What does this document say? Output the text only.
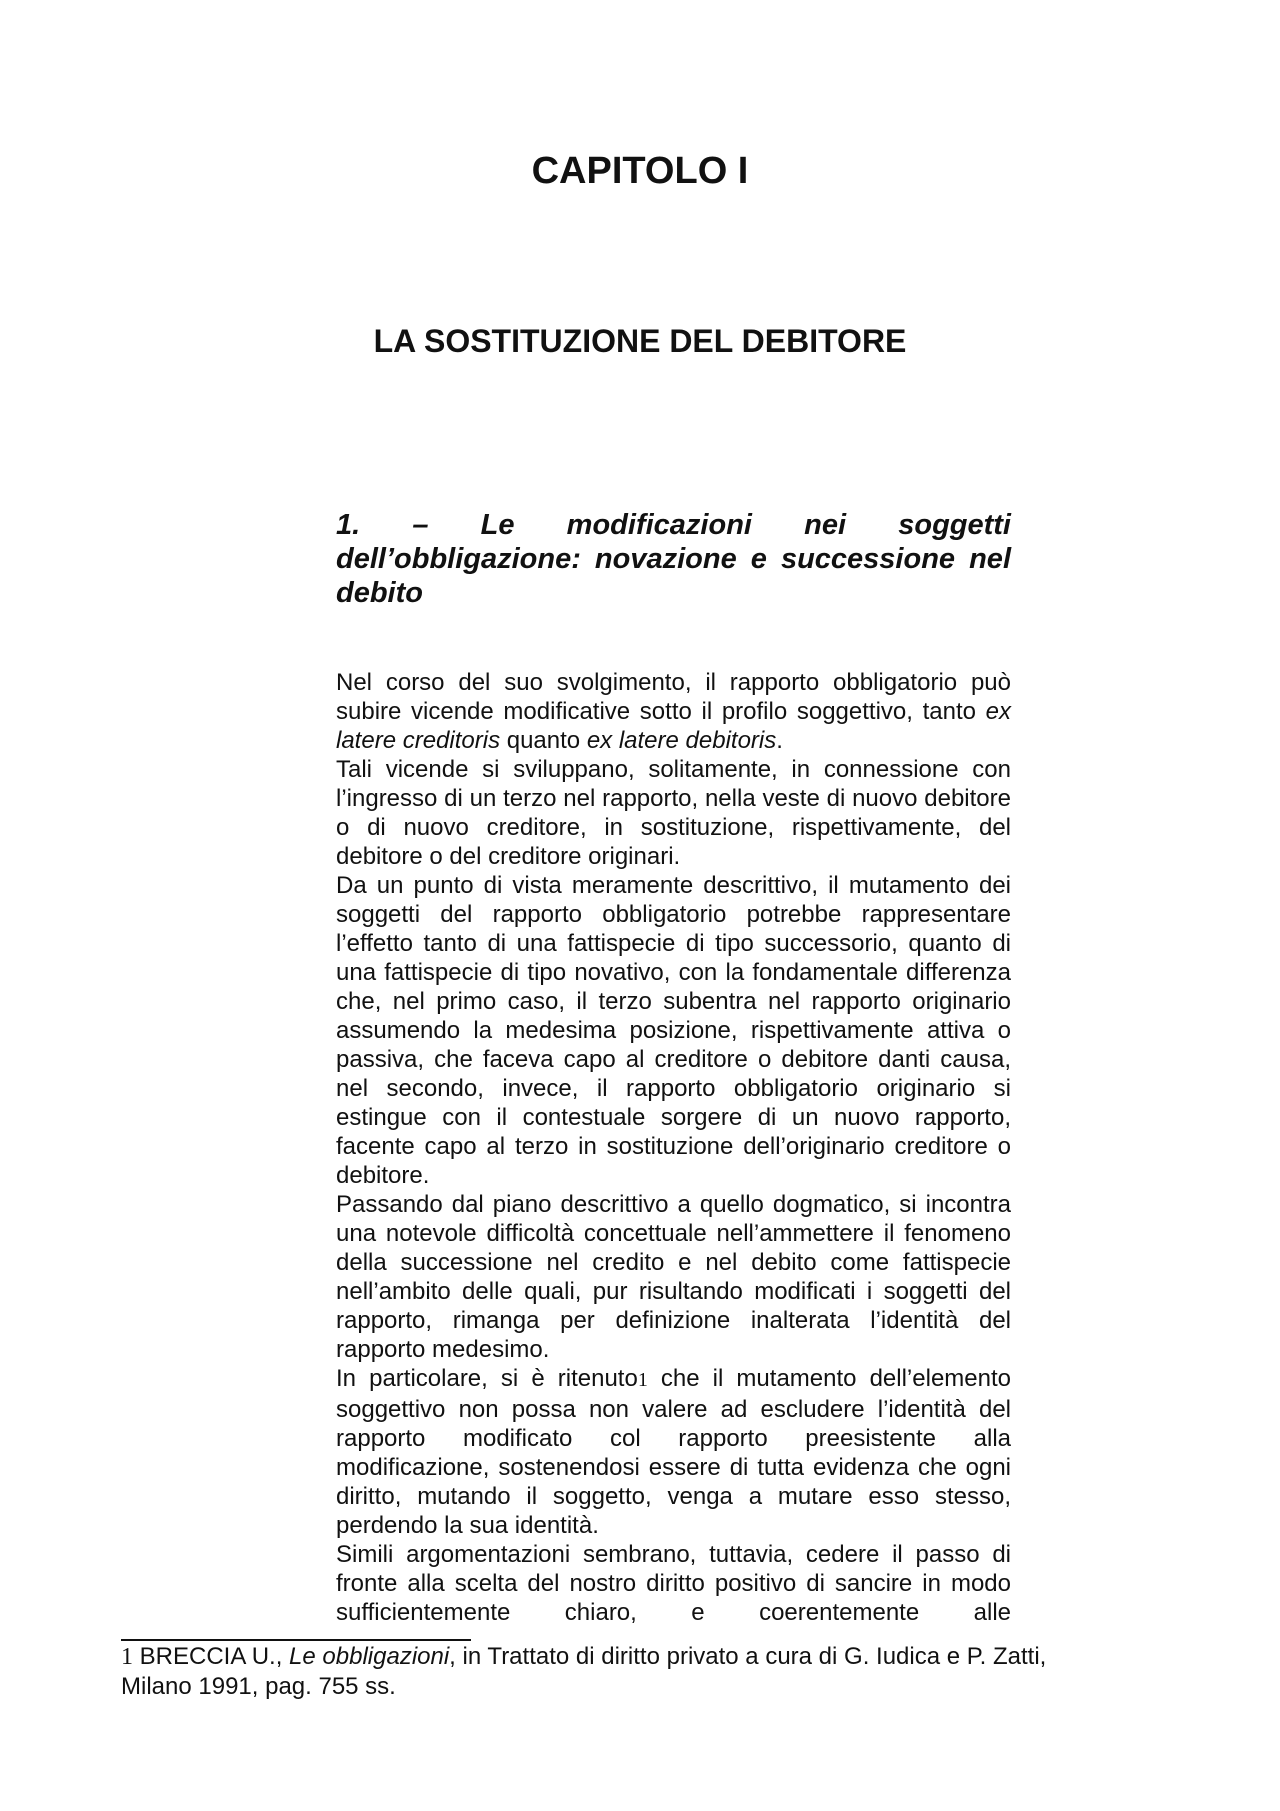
CAPITOLO I
LA SOSTITUZIONE DEL DEBITORE
1. – Le modificazioni nei soggetti dell’obbligazione: novazione e successione nel debito

Nel corso del suo svolgimento, il rapporto obbligatorio può subire vicende modificative sotto il profilo soggettivo, tanto ex latere creditoris quanto ex latere debitoris.

Tali vicende si sviluppano, solitamente, in connessione con l’ingresso di un terzo nel rapporto, nella veste di nuovo debitore o di nuovo creditore, in sostituzione, rispettivamente, del debitore o del creditore originari.

Da un punto di vista meramente descrittivo, il mutamento dei soggetti del rapporto obbligatorio potrebbe rappresentare l’effetto tanto di una fattispecie di tipo successorio, quanto di una fattispecie di tipo novativo, con la fondamentale differenza che, nel primo caso, il terzo subentra nel rapporto originario assumendo la medesima posizione, rispettivamente attiva o passiva, che faceva capo al creditore o debitore danti causa, nel secondo, invece, il rapporto obbligatorio originario si estingue con il contestuale sorgere di un nuovo rapporto, facente capo al terzo in sostituzione dell’originario creditore o debitore.

Passando dal piano descrittivo a quello dogmatico, si incontra una notevole difficoltà concettuale nell’ammettere il fenomeno della successione nel credito e nel debito come fattispecie nell’ambito delle quali, pur risultando modificati i soggetti del rapporto, rimanga per definizione inalterata l’identità del rapporto medesimo.

In particolare, si è ritenuto1 che il mutamento dell’elemento soggettivo non possa non valere ad escludere l’identità del rapporto modificato col rapporto preesistente alla modificazione, sostenendosi essere di tutta evidenza che ogni diritto, mutando il soggetto, venga a mutare esso stesso, perdendo la sua identità.

Simili argomentazioni sembrano, tuttavia, cedere il passo di fronte alla scelta del nostro diritto positivo di sancire in modo sufficientemente chiaro, e coerentemente alle

1 BRECCIA U., Le obbligazioni, in Trattato di diritto privato a cura di G. Iudica e P. Zatti, Milano 1991, pag. 755 ss.
